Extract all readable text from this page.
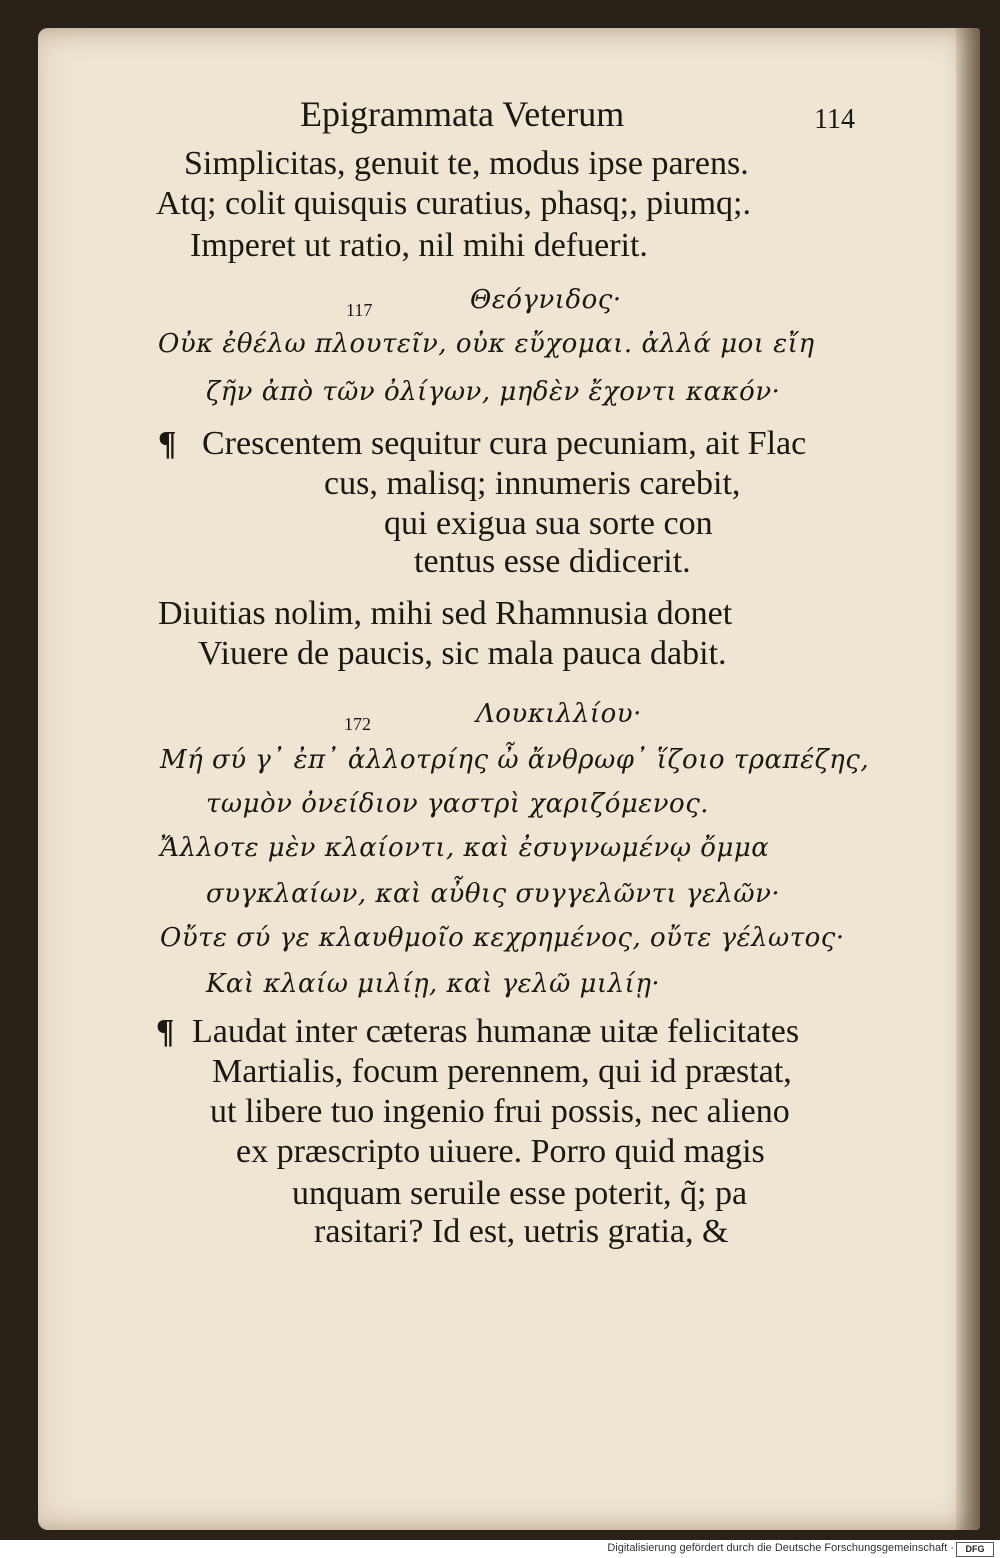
Epigrammata Veterum	114
Simplicitas, genuit te, modus ipse parens.
Atq; colit quisquis curatius, phasq;, piumq;.
Imperet ut ratio, nil mihi defuerit.
117	Θεόγνιδος·
Οὐκ ἐθέλω πλουτεῖν, οὐκ εὔχομαι. ἀλλά μοι εἴη
ζῆν ἀπὸ τῶν ὀλίγων, μηδὲν ἔχοντι κακόν·
¶ Crescentem sequitur cura pecuniam, ait Flac
cus, malisq; innumeris carebit,
qui exigua sua sorte con
tentus esse didicerit.
Diuitias nolim, mihi sed Rhamnusia donet
Viuere de paucis, sic mala pauca dabit.
172	Λουκιλλίου·
Μή σύ γ᾽ ἐπ᾽ ἀλλοτρίης ὦ ἄνθρωφ᾽ ἵζοιο τραπέζης,
τωμὸν ὀνείδιον γαστρὶ χαριζόμενος.
Ἄλλοτε μὲν κλαίοντι, καὶ ἐσυγνωμένῳ ὄμμα
συγκλαίων, καὶ αὖθις συγγελῶντι γελῶν·
Οὔτε σύ γε κλαυθμοῖο κεχρημένος, οὔτε γέλωτος·
Καὶ κλαίω μιλίῃ, καὶ γελῶ μιλίῃ·
¶ Laudat inter cæteras humanæ uitæ felicitates
Martialis, focum perennem, qui id præstat,
ut libere tuo ingenio frui possis, nec alieno
ex præscripto uiuere. Porro quid magis
unquam seruile esse poterit, q̃; pa
rasitari? Id est, uetris gratia, &
Digitalisierung gefördert durch die Deutsche Forschungsgemeinschaft ·	DFG
